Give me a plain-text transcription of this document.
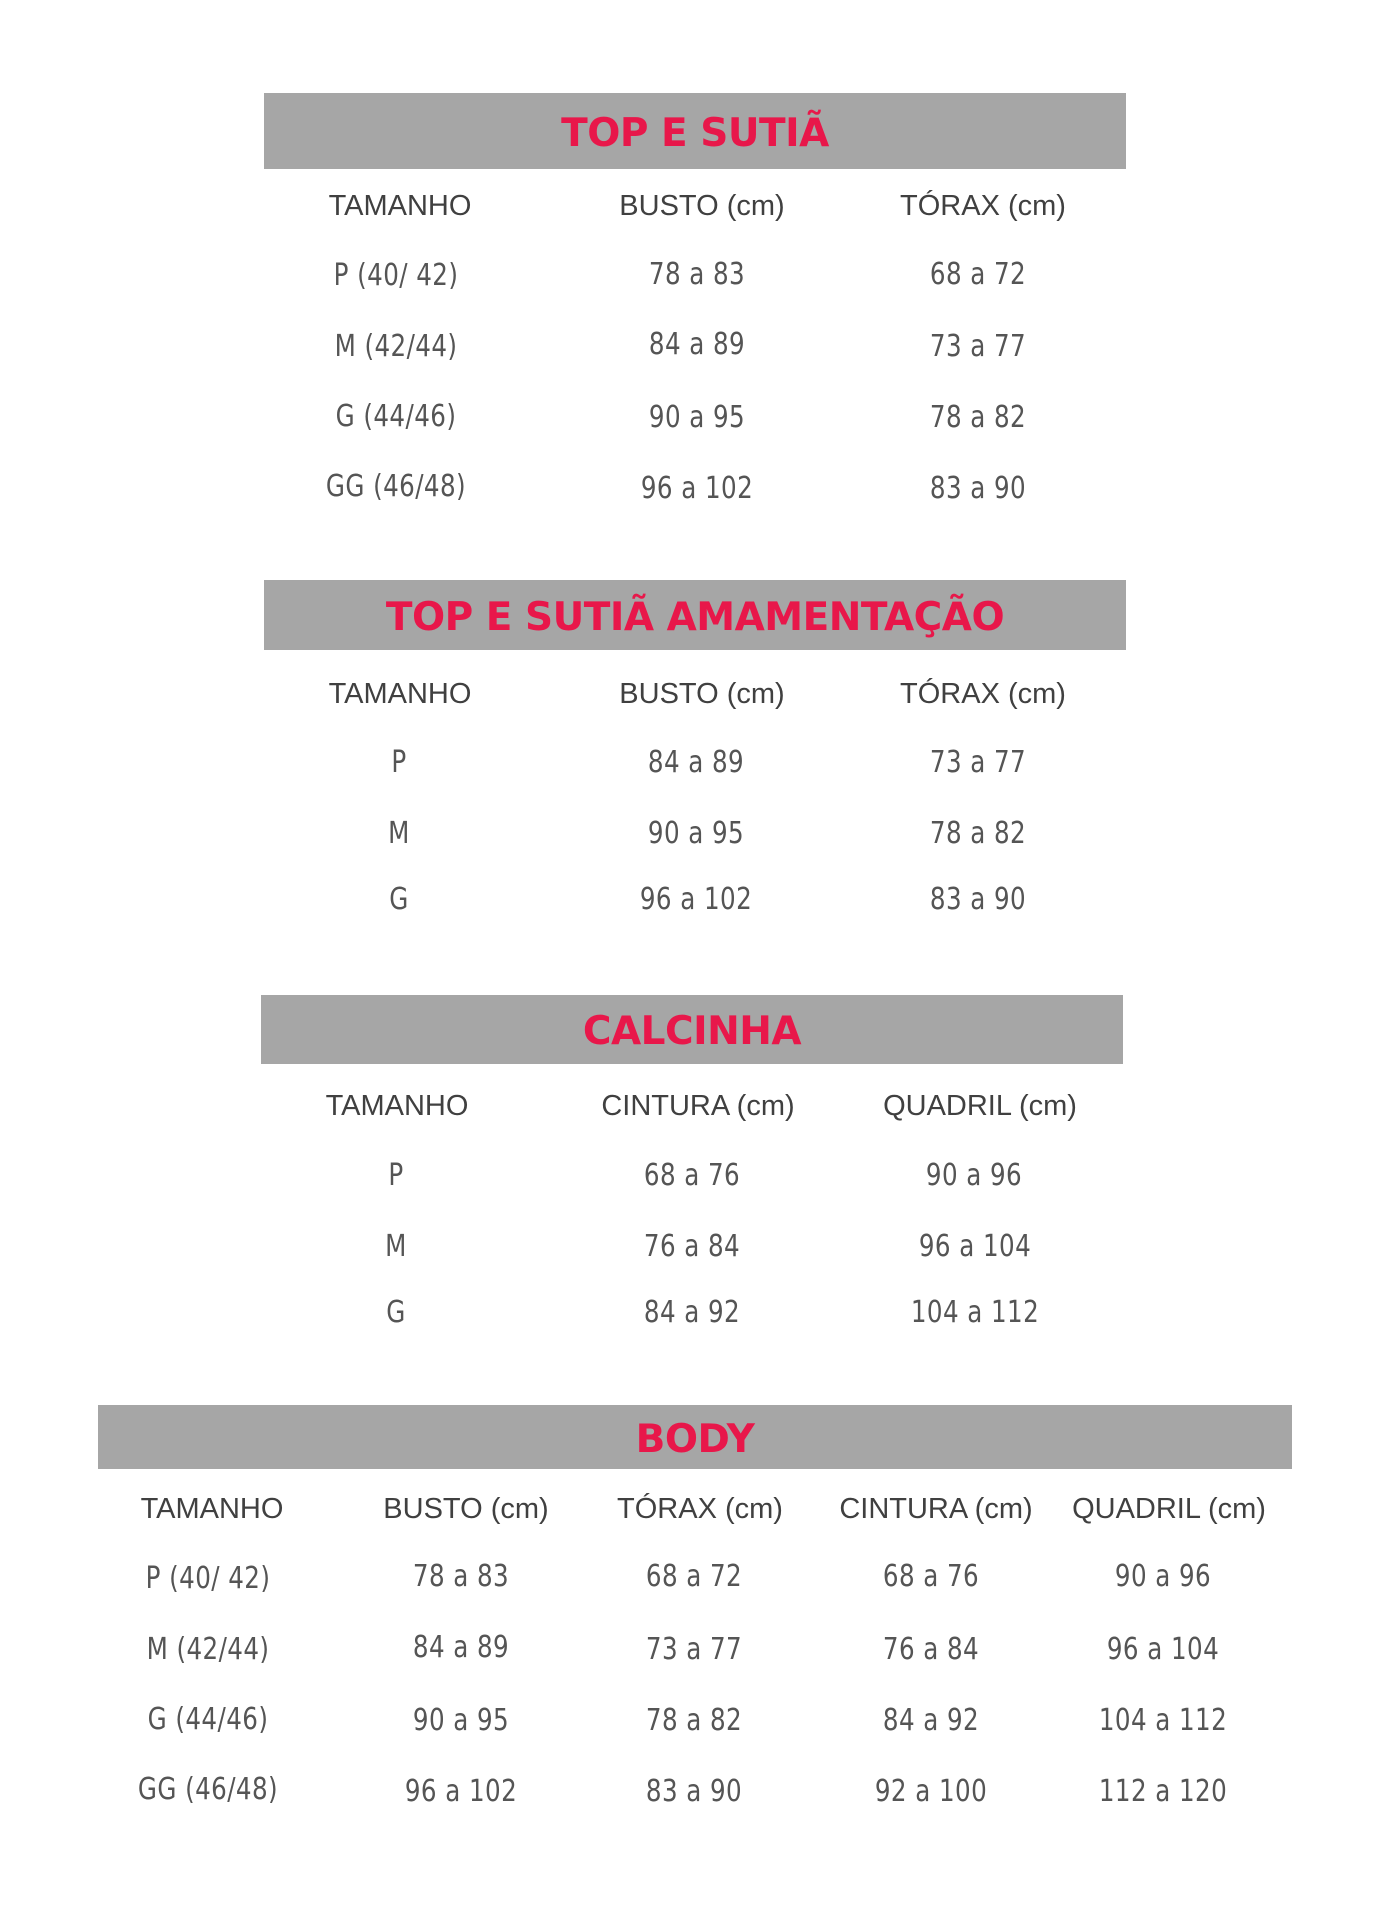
TOP E SUTIÃ
TAMANHO	BUSTO (cm)	TÓRAX (cm)
P (40/ 42)	78 a 83	68 a 72
M (42/44)	84 a 89	73 a 77
G (44/46)	90 a 95	78 a 82
GG (46/48)	96 a 102	83 a 90
TOP E SUTIÃ AMAMENTAÇÃO
TAMANHO	BUSTO (cm)	TÓRAX (cm)
P	84 a 89	73 a 77
M	90 a 95	78 a 82
G	96 a 102	83 a 90
CALCINHA
TAMANHO	CINTURA (cm)	QUADRIL (cm)
P	68 a 76	90 a 96
M	76 a 84	96 a 104
G	84 a 92	104 a 112
BODY
TAMANHO	BUSTO (cm) TÓRAX (cm) CINTURA (cm) QUADRIL (cm)
P (40/ 42)	78 a 83	68 a 72	68 a 76	90 a 96
M (42/44)	84 a 89	73 a 77	76 a 84	96 a 104
G (44/46)	90 a 95	78 a 82	84 a 92	104 a 112
GG (46/48)	96 a 102	83 a 90	92 a 100	112 a 120
